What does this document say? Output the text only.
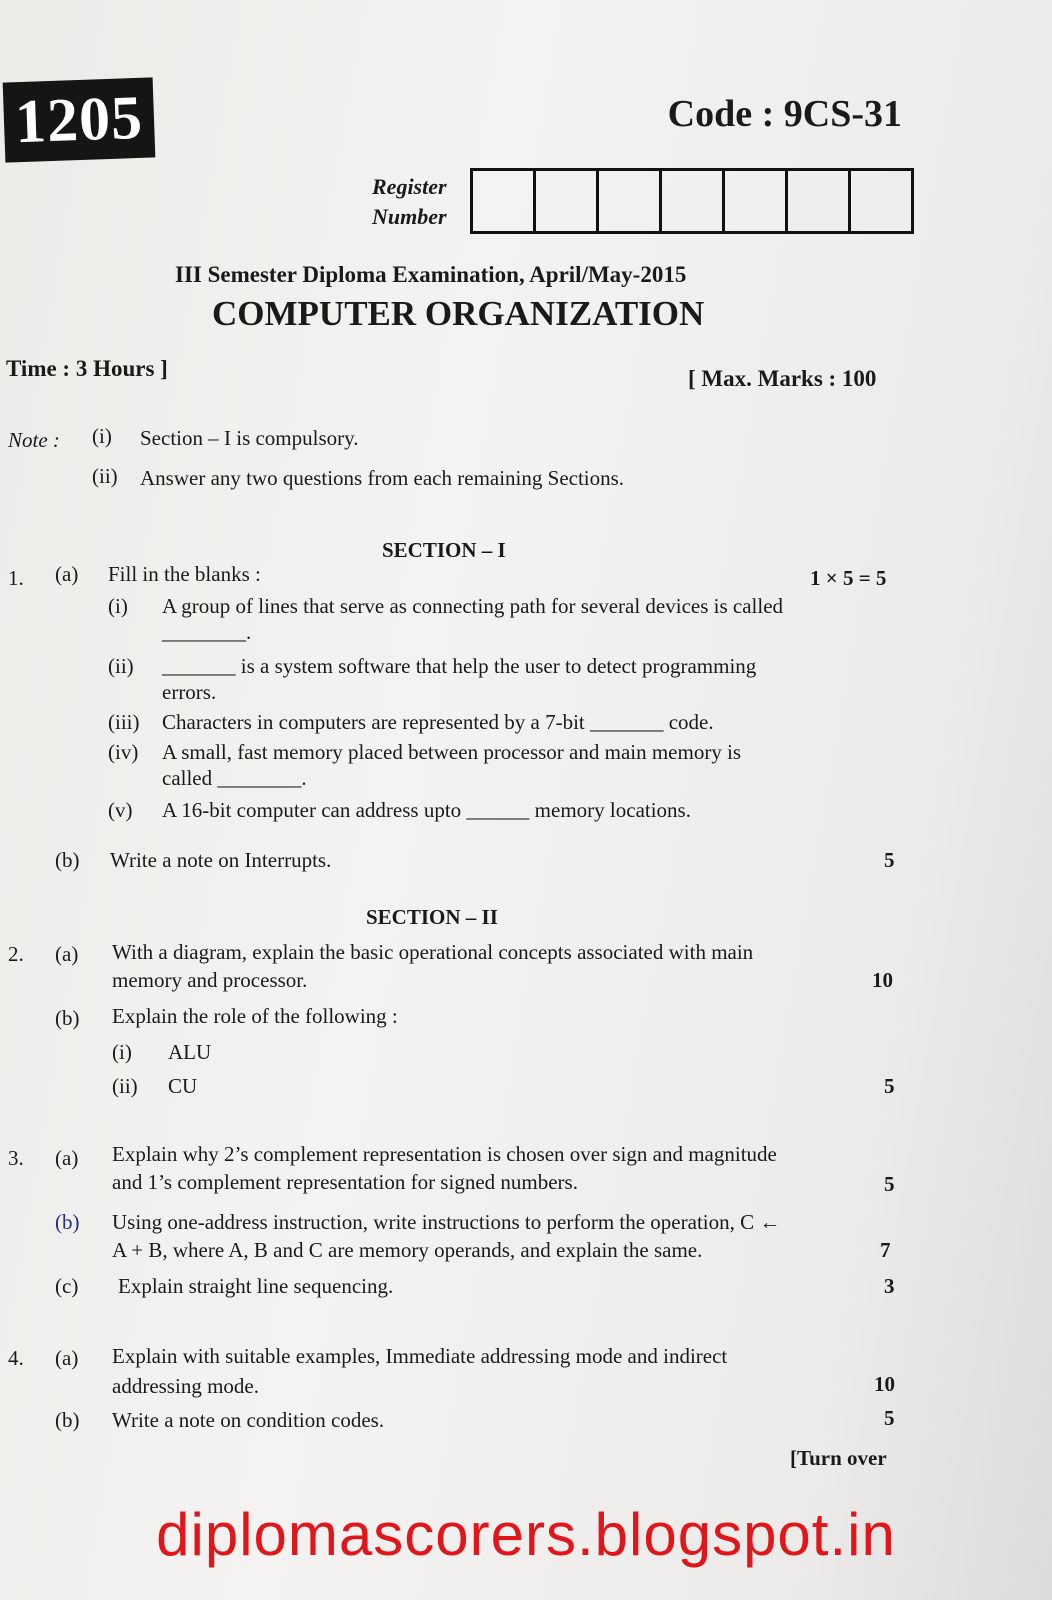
1205	Code : 9CS-31
Register
Number
III Semester Diploma Examination, April/May-2015
COMPUTER ORGANIZATION
Time : 3 Hours ]	[ Max. Marks : 100
Note : (i) Section – I is compulsory.
(ii) Answer any two questions from each remaining Sections.
SECTION – I
1. (a) Fill in the blanks :	1 × 5 = 5
(i) A group of lines that serve as connecting path for several devices is called
________.
(ii) _______ is a system software that help the user to detect programming
errors.
(iii) Characters in computers are represented by a 7-bit _______ code.
(iv) A small, fast memory placed between processor and main memory is
called ________.
(v) A 16-bit computer can address upto ______ memory locations.
(b) Write a note on Interrupts.	5
SECTION – II
2. (a) With a diagram, explain the basic operational concepts associated with main
memory and processor.	10
(b) Explain the role of the following :
(i) ALU
(ii) CU	5
3. (a) Explain why 2’s complement representation is chosen over sign and magnitude
and 1’s complement representation for signed numbers.	5
(b) Using one-address instruction, write instructions to perform the operation, C ←
A + B, where A, B and C are memory operands, and explain the same.	7
(c) Explain straight line sequencing.	3
4. (a) Explain with suitable examples, Immediate addressing mode and indirect
addressing mode.	10
(b) Write a note on condition codes.	5
[Turn over
diplomascorers.blogspot.in
